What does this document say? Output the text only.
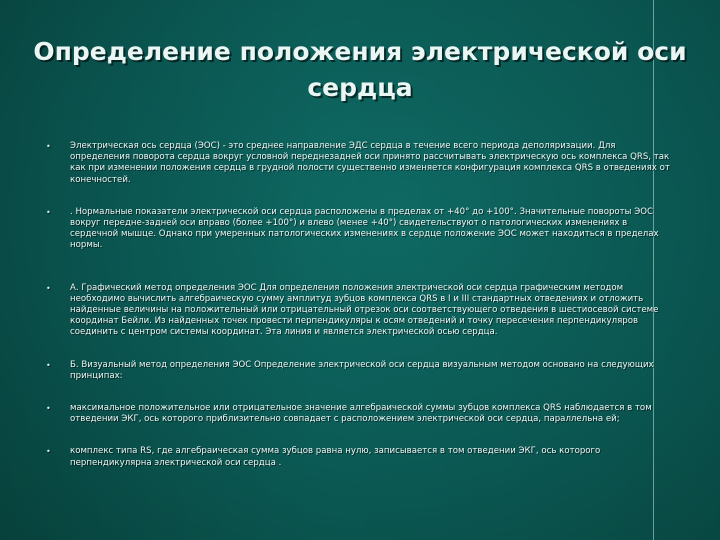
Определение положения электрической оси сердца
•	Электрическая ось сердца (ЭОС) - это среднее направление ЭДС сердца в течение всего периода деполяризации. Для определения поворота сердца вокруг условной переднезадней оси принято рассчитывать электрическую ось комплекса QRS, так как при изменении положения сердца в грудной полости существенно изменяется конфигурация комплекса QRS в отведениях от конечностей.
•	. Нормальные показатели электрической оси сердца расположены в пределах от +40° до +100°. Значительные повороты ЭОС вокруг передне-задней оси вправо (более +100°) и влево (менее +40°) свидетельствуют о патологических изменениях в сердечной мышце. Однако при умеренных патологических изменениях в сердце положение ЭОС может находиться в пределах нормы.
•	А. Графический метод определения ЭОС Для определения положения электрической оси сердца графическим методом необходимо вычислить алгебраическую сумму амплитуд зубцов комплекса QRS в I и III стандартных отведениях и отложить найденные величины на положительный или отрицательный отрезок оси соответствующего отведения в шестиосевой системе координат Бейли. Из найденных точек провести перпендикуляры к осям отведений и точку пересечения перпендикуляров соединить с центром системы координат. Эта линия и является электрической осью сердца.
•	Б. Визуальный метод определения ЭОС Определение электрической оси сердца визуальным методом основано на следующих принципах:
•	максимальное положительное или отрицательное значение алгебраической суммы зубцов комплекса QRS наблюдается в том отведении ЭКГ, ось которого приблизительно совпадает с расположением электрической оси сердца, параллельна ей;
•	комплекс типа RS, где алгебраическая сумма зубцов равна нулю, записывается в том отведении ЭКГ, ось которого перпендикулярна электрической оси сердца .
